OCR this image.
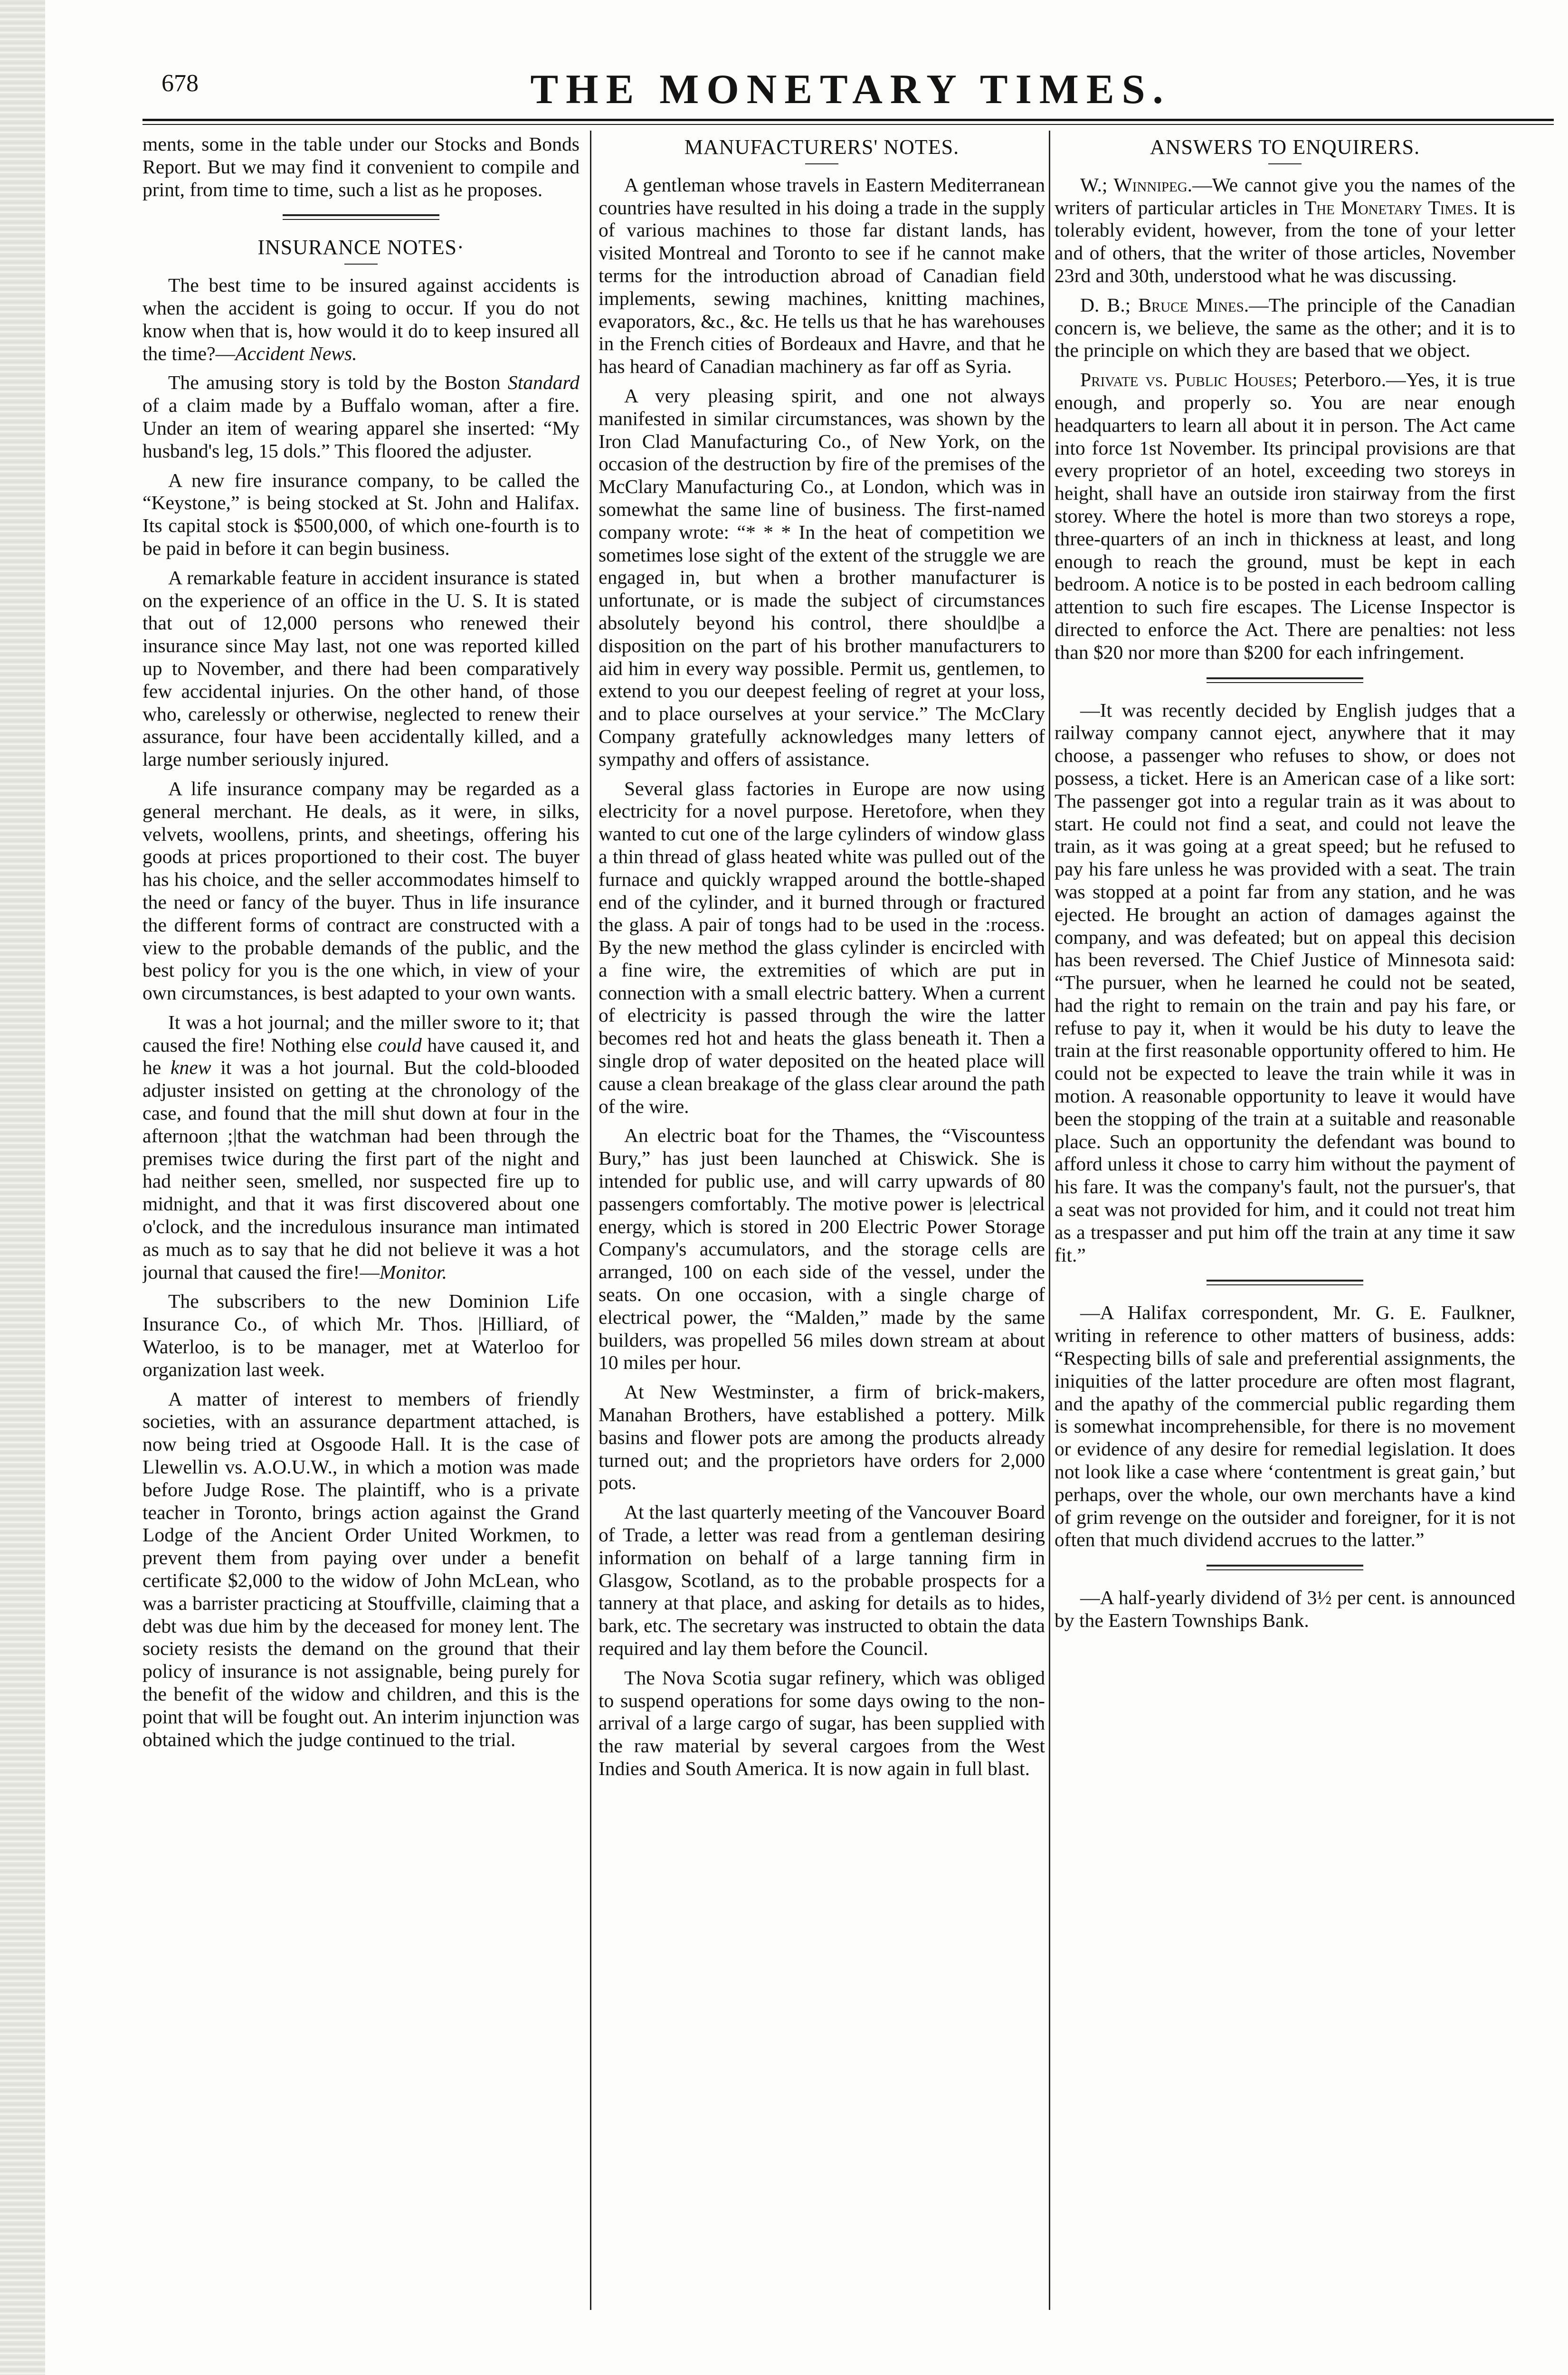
678	THE MONETARY TIMES.

ments, some in the table under our Stocks and Bonds Report. But we may find it convenient to compile and print, from time to time, such a list as he proposes.

INSURANCE NOTES·

The best time to be insured against accidents is when the accident is going to occur. If you do not know when that is, how would it do to keep insured all the time?—Accident News.

The amusing story is told by the Boston Standard of a claim made by a Buffalo woman, after a fire. Under an item of wearing apparel she inserted: “My husband's leg, 15 dols.” This floored the adjuster.

A new fire insurance company, to be called the “Keystone,” is being stocked at St. John and Halifax. Its capital stock is $500,000, of which one-fourth is to be paid in before it can begin business.

A remarkable feature in accident insurance is stated on the experience of an office in the U. S. It is stated that out of 12,000 persons who renewed their insurance since May last, not one was reported killed up to November, and there had been comparatively few accidental injuries. On the other hand, of those who, carelessly or otherwise, neglected to renew their assurance, four have been accidentally killed, and a large number seriously injured.

A life insurance company may be regarded as a general merchant. He deals, as it were, in silks, velvets, woollens, prints, and sheetings, offering his goods at prices proportioned to their cost. The buyer has his choice, and the seller accommodates himself to the need or fancy of the buyer. Thus in life insurance the different forms of contract are constructed with a view to the probable demands of the public, and the best policy for you is the one which, in view of your own circumstances, is best adapted to your own wants.

It was a hot journal; and the miller swore to it; that caused the fire! Nothing else could have caused it, and he knew it was a hot journal. But the cold-blooded adjuster insisted on getting at the chronology of the case, and found that the mill shut down at four in the afternoon ;|that the watchman had been through the premises twice during the first part of the night and had neither seen, smelled, nor suspected fire up to midnight, and that it was first discovered about one o'clock, and the incredulous insurance man intimated as much as to say that he did not believe it was a hot journal that caused the fire!—Monitor.

The subscribers to the new Dominion Life Insurance Co., of which Mr. Thos. |Hilliard, of Waterloo, is to be manager, met at Waterloo for organization last week.

A matter of interest to members of friendly societies, with an assurance department attached, is now being tried at Osgoode Hall. It is the case of Llewellin vs. A.O.U.W., in which a motion was made before Judge Rose. The plaintiff, who is a private teacher in Toronto, brings action against the Grand Lodge of the Ancient Order United Workmen, to prevent them from paying over under a benefit certificate $2,000 to the widow of John McLean, who was a barrister practicing at Stouffville, claiming that a debt was due him by the deceased for money lent. The society resists the demand on the ground that their policy of insurance is not assignable, being purely for the benefit of the widow and children, and this is the point that will be fought out. An interim injunction was obtained which the judge continued to the trial.

MANUFACTURERS' NOTES.

A gentleman whose travels in Eastern Mediterranean countries have resulted in his doing a trade in the supply of various machines to those far distant lands, has visited Montreal and Toronto to see if he cannot make terms for the introduction abroad of Canadian field implements, sewing machines, knitting machines, evaporators, &c., &c. He tells us that he has warehouses in the French cities of Bordeaux and Havre, and that he has heard of Canadian machinery as far off as Syria.

A very pleasing spirit, and one not always manifested in similar circumstances, was shown by the Iron Clad Manufacturing Co., of New York, on the occasion of the destruction by fire of the premises of the McClary Manufacturing Co., at London, which was in somewhat the same line of business. The first-named company wrote: “* * * In the heat of competition we sometimes lose sight of the extent of the struggle we are engaged in, but when a brother manufacturer is unfortunate, or is made the subject of circumstances absolutely beyond his control, there should|be a disposition on the part of his brother manufacturers to aid him in every way possible. Permit us, gentlemen, to extend to you our deepest feeling of regret at your loss, and to place ourselves at your service.” The McClary Company gratefully acknowledges many letters of sympathy and offers of assistance.

Several glass factories in Europe are now using electricity for a novel purpose. Heretofore, when they wanted to cut one of the large cylinders of window glass a thin thread of glass heated white was pulled out of the furnace and quickly wrapped around the bottle-shaped end of the cylinder, and it burned through or fractured the glass. A pair of tongs had to be used in the :rocess. By the new method the glass cylinder is encircled with a fine wire, the extremities of which are put in connection with a small electric battery. When a current of electricity is passed through the wire the latter becomes red hot and heats the glass beneath it. Then a single drop of water deposited on the heated place will cause a clean breakage of the glass clear around the path of the wire.

An electric boat for the Thames, the “Viscountess Bury,” has just been launched at Chiswick. She is intended for public use, and will carry upwards of 80 passengers comfortably. The motive power is |electrical energy, which is stored in 200 Electric Power Storage Company's accumulators, and the storage cells are arranged, 100 on each side of the vessel, under the seats. On one occasion, with a single charge of electrical power, the “Malden,” made by the same builders, was propelled 56 miles down stream at about 10 miles per hour.

At New Westminster, a firm of brick-makers, Manahan Brothers, have established a pottery. Milk basins and flower pots are among the products already turned out; and the proprietors have orders for 2,000 pots.

At the last quarterly meeting of the Vancouver Board of Trade, a letter was read from a gentleman desiring information on behalf of a large tanning firm in Glasgow, Scotland, as to the probable prospects for a tannery at that place, and asking for details as to hides, bark, etc. The secretary was instructed to obtain the data required and lay them before the Council.

The Nova Scotia sugar refinery, which was obliged to suspend operations for some days owing to the non-arrival of a large cargo of sugar, has been supplied with the raw material by several cargoes from the West Indies and South America. It is now again in full blast.

ANSWERS TO ENQUIRERS.

W.; Winnipeg.—We cannot give you the names of the writers of particular articles in The Monetary Times. It is tolerably evident, however, from the tone of your letter and of others, that the writer of those articles, November 23rd and 30th, understood what he was discussing.

D. B.; Bruce Mines.—The principle of the Canadian concern is, we believe, the same as the other; and it is to the principle on which they are based that we object.

Private vs. Public Houses; Peterboro.—Yes, it is true enough, and properly so. You are near enough headquarters to learn all about it in person. The Act came into force 1st November. Its principal provisions are that every proprietor of an hotel, exceeding two storeys in height, shall have an outside iron stairway from the first storey. Where the hotel is more than two storeys a rope, three-quarters of an inch in thickness at least, and long enough to reach the ground, must be kept in each bedroom. A notice is to be posted in each bedroom calling attention to such fire escapes. The License Inspector is directed to enforce the Act. There are penalties: not less than $20 nor more than $200 for each infringement.

—It was recently decided by English judges that a railway company cannot eject, anywhere that it may choose, a passenger who refuses to show, or does not possess, a ticket. Here is an American case of a like sort: The passenger got into a regular train as it was about to start. He could not find a seat, and could not leave the train, as it was going at a great speed; but he refused to pay his fare unless he was provided with a seat. The train was stopped at a point far from any station, and he was ejected. He brought an action of damages against the company, and was defeated; but on appeal this decision has been reversed. The Chief Justice of Minnesota said: “The pursuer, when he learned he could not be seated, had the right to remain on the train and pay his fare, or refuse to pay it, when it would be his duty to leave the train at the first reasonable opportunity offered to him. He could not be expected to leave the train while it was in motion. A reasonable opportunity to leave it would have been the stopping of the train at a suitable and reasonable place. Such an opportunity the defendant was bound to afford unless it chose to carry him without the payment of his fare. It was the company's fault, not the pursuer's, that a seat was not provided for him, and it could not treat him as a trespasser and put him off the train at any time it saw fit.”

—A Halifax correspondent, Mr. G. E. Faulkner, writing in reference to other matters of business, adds: “Respecting bills of sale and preferential assignments, the iniquities of the latter procedure are often most flagrant, and the apathy of the commercial public regarding them is somewhat incomprehensible, for there is no movement or evidence of any desire for remedial legislation. It does not look like a case where ‘contentment is great gain,’ but perhaps, over the whole, our own merchants have a kind of grim revenge on the outsider and foreigner, for it is not often that much dividend accrues to the latter.”

—A half-yearly dividend of 3½ per cent. is announced by the Eastern Townships Bank.
